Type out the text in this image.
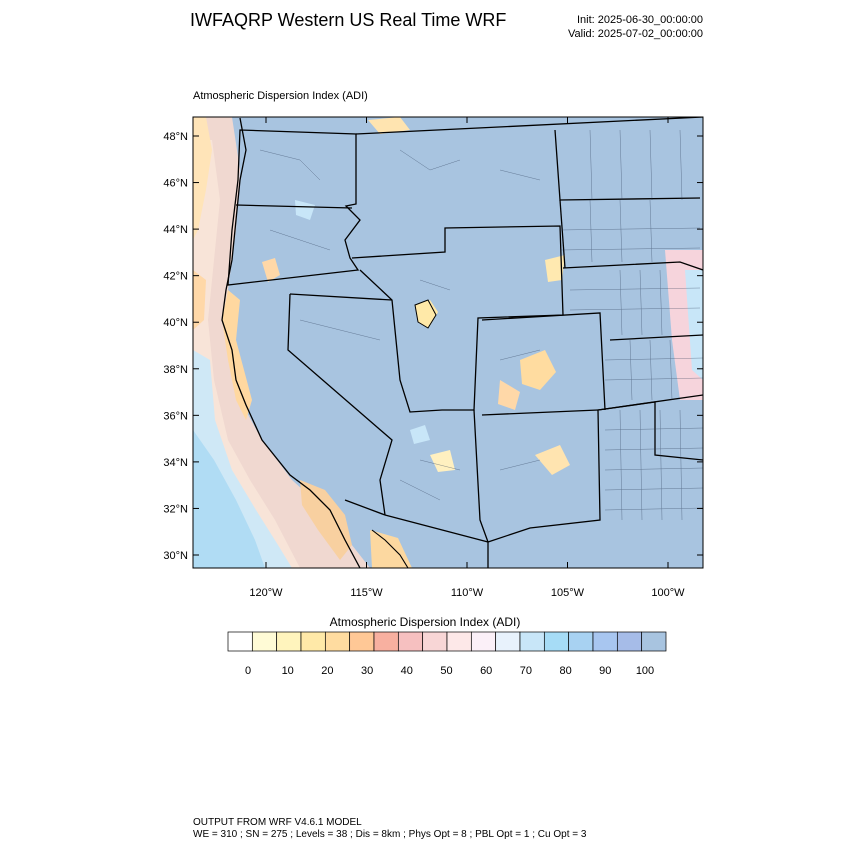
IWFAQRP Western US Real Time WRF	Init: 2025-06-30_00:00:00
Valid: 2025-07-02_00:00:00
Atmospheric Dispersion Index (ADI)
48°N
46°N
44°N
42°N
40°N
38°N
36°N
34°N
32°N
30°N
120°W	115°W	110°W	105°W	100°W
0	10 20 30 40 50 60 70 80 90 100
Atmospheric Dispersion Index (ADI)
OUTPUT FROM WRF V4.6.1 MODEL
WE = 310 ; SN = 275 ; Levels = 38 ; Dis = 8km ; Phys Opt = 8 ; PBL Opt = 1 ; Cu Opt = 3
